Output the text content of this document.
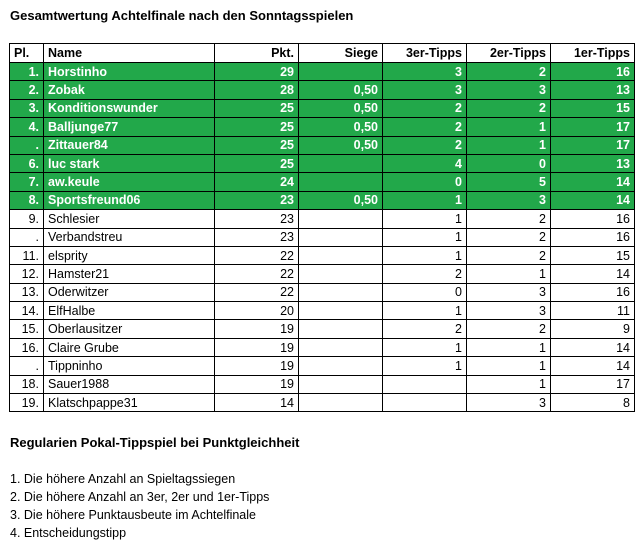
Gesamtwertung Achtelfinale nach den Sonntagsspielen
Pl.	Name	Pkt.	Siege	3er-Tipps	2er-Tipps	1er-Tipps
1.	Horstinho	29		3	2	16
2.	Zobak	28	0,50	3	3	13
3.	Konditionswunder	25	0,50	2	2	15
4.	Balljunge77	25	0,50	2	1	17
.	Zittauer84	25	0,50	2	1	17
6.	luc stark	25		4	0	13
7.	aw.keule	24		0	5	14
8.	Sportsfreund06	23	0,50	1	3	14
9.	Schlesier	23		1	2	16
.	Verbandstreu	23		1	2	16
11.	elsprity	22		1	2	15
12.	Hamster21	22		2	1	14
13.	Oderwitzer	22		0	3	16
14.	ElfHalbe	20		1	3	11
15.	Oberlausitzer	19		2	2	9
16.	Claire Grube	19		1	1	14
.	Tippninho	19		1	1	14
18.	Sauer1988	19			1	17
19.	Klatschpappe31	14			3	8
Regularien Pokal-Tippspiel bei Punktgleichheit
1. Die höhere Anzahl an Spieltagssiegen
2. Die höhere Anzahl an 3er, 2er und 1er-Tipps
3. Die höhere Punktausbeute im Achtelfinale
4. Entscheidungstipp
